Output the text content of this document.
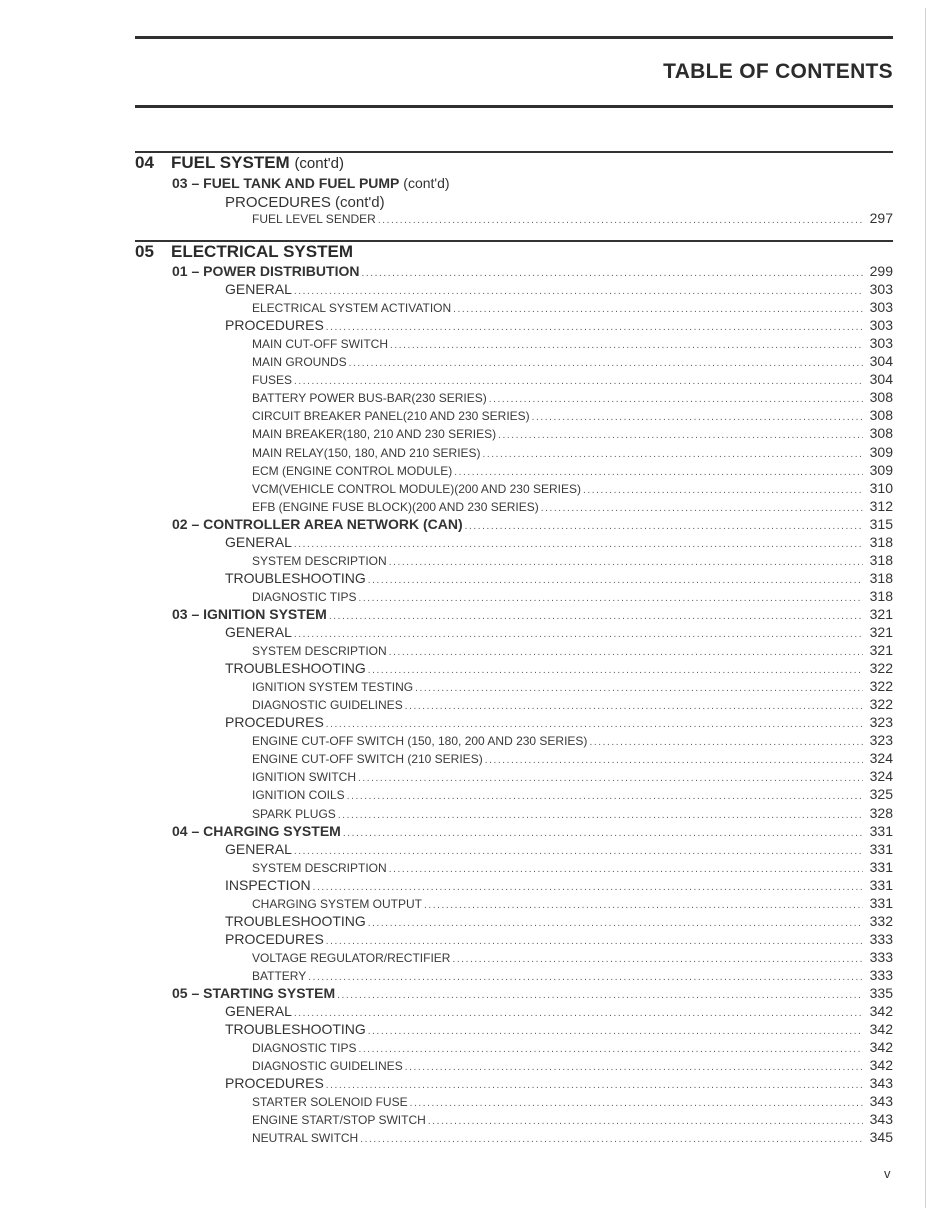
TABLE OF CONTENTS
04	FUEL SYSTEM
(cont'd)
03 – FUEL TANK AND FUEL PUMP (cont'd)
PROCEDURES (cont'd)
FUEL LEVEL SENDER .....	297
05	ELECTRICAL SYSTEM
01 – POWER DISTRIBUTION .....	299
GENERAL .....	303
ELECTRICAL SYSTEM ACTIVATION .....	303
PROCEDURES .....	303
MAIN CUT-OFF SWITCH .....	303
MAIN GROUNDS .....	304
FUSES .....	304
BATTERY POWER BUS-BAR(230 SERIES) .....	308
CIRCUIT BREAKER PANEL(210 AND 230 SERIES) .....	308
MAIN BREAKER(180, 210 AND 230 SERIES) .....	308
MAIN RELAY(150, 180, AND 210 SERIES) .....	309
ECM (ENGINE CONTROL MODULE) .....	309
VCM(VEHICLE CONTROL MODULE)(200 AND 230 SERIES) .....	310
EFB (ENGINE FUSE BLOCK)(200 AND 230 SERIES) .....	312
02 – CONTROLLER AREA NETWORK (CAN) .....	315
GENERAL .....	318
SYSTEM DESCRIPTION .....	318
TROUBLESHOOTING .....	318
DIAGNOSTIC TIPS .....	318
03 – IGNITION SYSTEM .....	321
GENERAL .....	321
SYSTEM DESCRIPTION .....	321
TROUBLESHOOTING .....	322
IGNITION SYSTEM TESTING .....	322
DIAGNOSTIC GUIDELINES .....	322
PROCEDURES .....	323
ENGINE CUT-OFF SWITCH (150, 180, 200 AND 230 SERIES) .....	323
ENGINE CUT-OFF SWITCH (210 SERIES) .....	324
IGNITION SWITCH .....	324
IGNITION COILS .....	325
SPARK PLUGS .....	328
04 – CHARGING SYSTEM .....	331
GENERAL .....	331
SYSTEM DESCRIPTION .....	331
INSPECTION .....	331
CHARGING SYSTEM OUTPUT .....	331
TROUBLESHOOTING .....	332
PROCEDURES .....	333
VOLTAGE REGULATOR/RECTIFIER .....	333
BATTERY .....	333
05 – STARTING SYSTEM .....	335
GENERAL .....	342
TROUBLESHOOTING .....	342
DIAGNOSTIC TIPS .....	342
DIAGNOSTIC GUIDELINES .....	342
PROCEDURES .....	343
STARTER SOLENOID FUSE .....	343
ENGINE START/STOP SWITCH .....	343
NEUTRAL SWITCH .....	345
v
